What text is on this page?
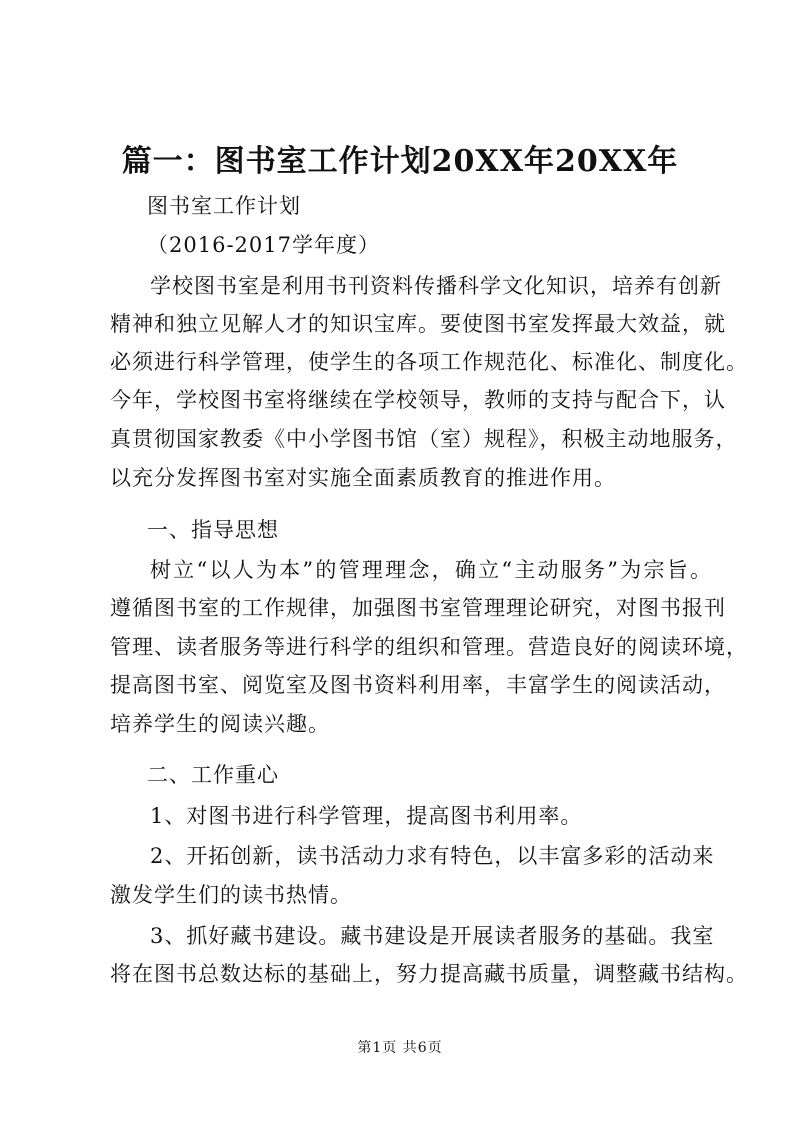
篇一：图书室工作计划20XX年20XX年
图书室工作计划
（2016-2017学年度）
学校图书室是利用书刊资料传播科学文化知识，培养有创新
精神和独立见解人才的知识宝库。要使图书室发挥最大效益，就
必须进行科学管理，使学生的各项工作规范化、标准化、制度化。
今年，学校图书室将继续在学校领导，教师的支持与配合下，认
真贯彻国家教委《中小学图书馆（室）规程》，积极主动地服务，
以充分发挥图书室对实施全面素质教育的推进作用。
一、指导思想
树立“以人为本”的管理理念，确立“主动服务”为宗旨。
遵循图书室的工作规律，加强图书室管理理论研究，对图书报刊
管理、读者服务等进行科学的组织和管理。营造良好的阅读环境，
提高图书室、阅览室及图书资料利用率，丰富学生的阅读活动，
培养学生的阅读兴趣。
二、工作重心
1、对图书进行科学管理，提高图书利用率。
2、开拓创新，读书活动力求有特色，以丰富多彩的活动来
激发学生们的读书热情。
3、抓好藏书建设。藏书建设是开展读者服务的基础。我室
将在图书总数达标的基础上，努力提高藏书质量，调整藏书结构。
第1页 共6页
